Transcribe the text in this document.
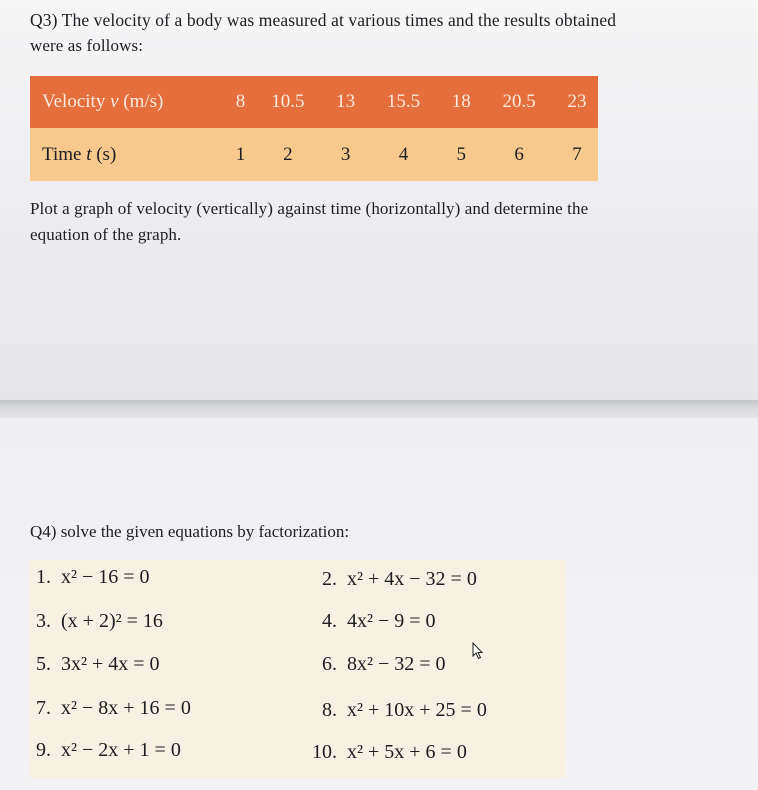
Q3) The velocity of a body was measured at various times and the results obtained
were as follows:
Velocity v (m/s)	8	10.5	13	15.5	18	20.5	23
Time t (s)	1	2	3	4	5	6	7
Plot a graph of velocity (vertically) against time (horizontally) and determine the
equation of the graph.
Q4) solve the given equations by factorization:
1. x² − 16 = 0	2. x² + 4x − 32 = 0
3. (x + 2)² = 16	4. 4x² − 9 = 0
5. 3x² + 4x = 0	6. 8x² − 32 = 0
7. x² − 8x + 16 = 0	8. x² + 10x + 25 = 0
9. x² − 2x + 1 = 0	10. x² + 5x + 6 = 0
